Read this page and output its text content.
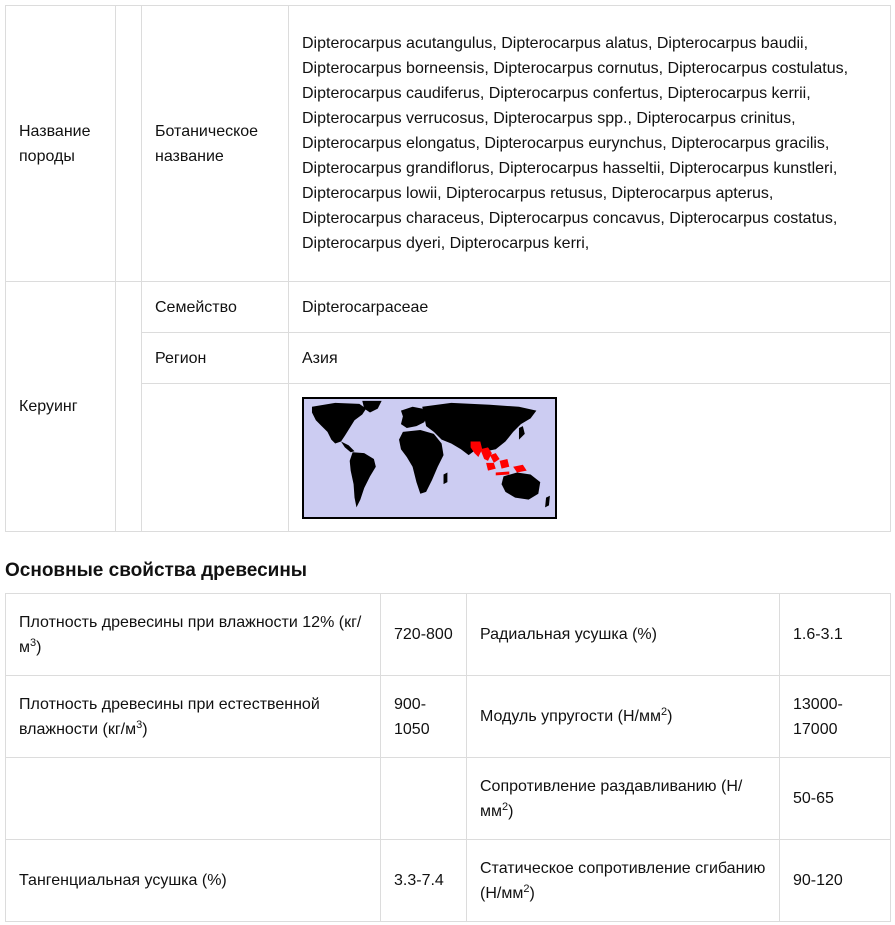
Название породы		Ботаническое название	Dipterocarpus acutangulus, Dipterocarpus alatus, Dipterocarpus baudii, Dipterocarpus borneensis, Dipterocarpus cornutus, Dipterocarpus costulatus, Dipterocarpus caudiferus, Dipterocarpus confertus, Dipterocarpus kerrii, Dipterocarpus verrucosus, Dipterocarpus spp., Dipterocarpus crinitus, Dipterocarpus elongatus, Dipterocarpus eurynchus, Dipterocarpus gracilis, Dipterocarpus grandiflorus, Dipterocarpus hasseltii, Dipterocarpus kunstleri, Dipterocarpus lowii, Dipterocarpus retusus, Dipterocarpus apterus, Dipterocarpus characeus, Dipterocarpus concavus, Dipterocarpus costatus, Dipterocarpus dyeri, Dipterocarpus kerri,
Керуинг		Семейство	Dipterocarpaceae
		Регион	Азия

Основные свойства древесины
Плотность древесины при влажности 12% $(кг/м^3)$	720-800	Радиальная усушка (%)	1.6-3.1
Плотность древесины при естественной влажности $(кг/м^3)$	900-1050	Модуль упругости $(Н/мм^2)$	13000-17000
		Сопротивление раздавливанию $(Н/мм^2)$	50-65
Тангенциальная усушка (%)	3.3-7.4	Статическое сопротивление сгибанию $(Н/мм^2)$	90-120
